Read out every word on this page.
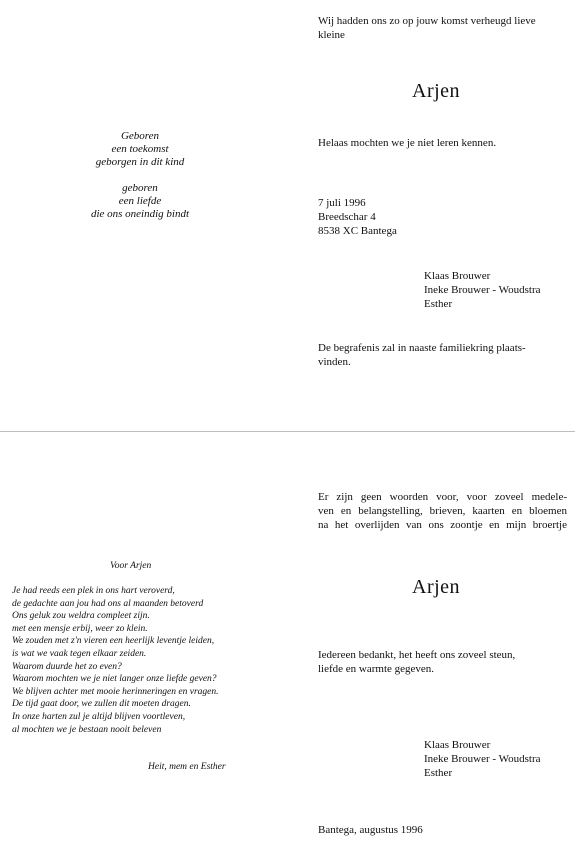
Geboren
een toekomst
geborgen in dit kind
geboren
een liefde
die ons oneindig bindt
Wij hadden ons zo op jouw komst verheugd lieve
kleine
Arjen
Helaas mochten we je niet leren kennen.
7 juli 1996
Breedschar 4
8538 XC Bantega
Klaas Brouwer
Ineke Brouwer - Woudstra
Esther
De begrafenis zal in naaste familiekring plaats-
vinden.
Voor Arjen
Je had reeds een plek in ons hart veroverd,
de gedachte aan jou had ons al maanden betoverd
Ons geluk zou weldra compleet zijn.
met een mensje erbij, weer zo klein.
We zouden met z'n vieren een heerlijk leventje leiden,
is wat we vaak tegen elkaar zeiden.
Waarom duurde het zo even?
Waarom mochten we je niet langer onze liefde geven?
We blijven achter met mooie herinneringen en vragen.
De tijd gaat door, we zullen dit moeten dragen.
In onze harten zul je altijd blijven voortleven,
al mochten we je bestaan nooit beleven
Heit, mem en Esther
Er zijn geen woorden voor, voor zoveel medele-
ven en belangstelling, brieven, kaarten en bloemen
na het overlijden van ons zoontje en mijn broertje
Arjen
Iedereen bedankt, het heeft ons zoveel steun,
liefde en warmte gegeven.
Klaas Brouwer
Ineke Brouwer - Woudstra
Esther
Bantega, augustus 1996
